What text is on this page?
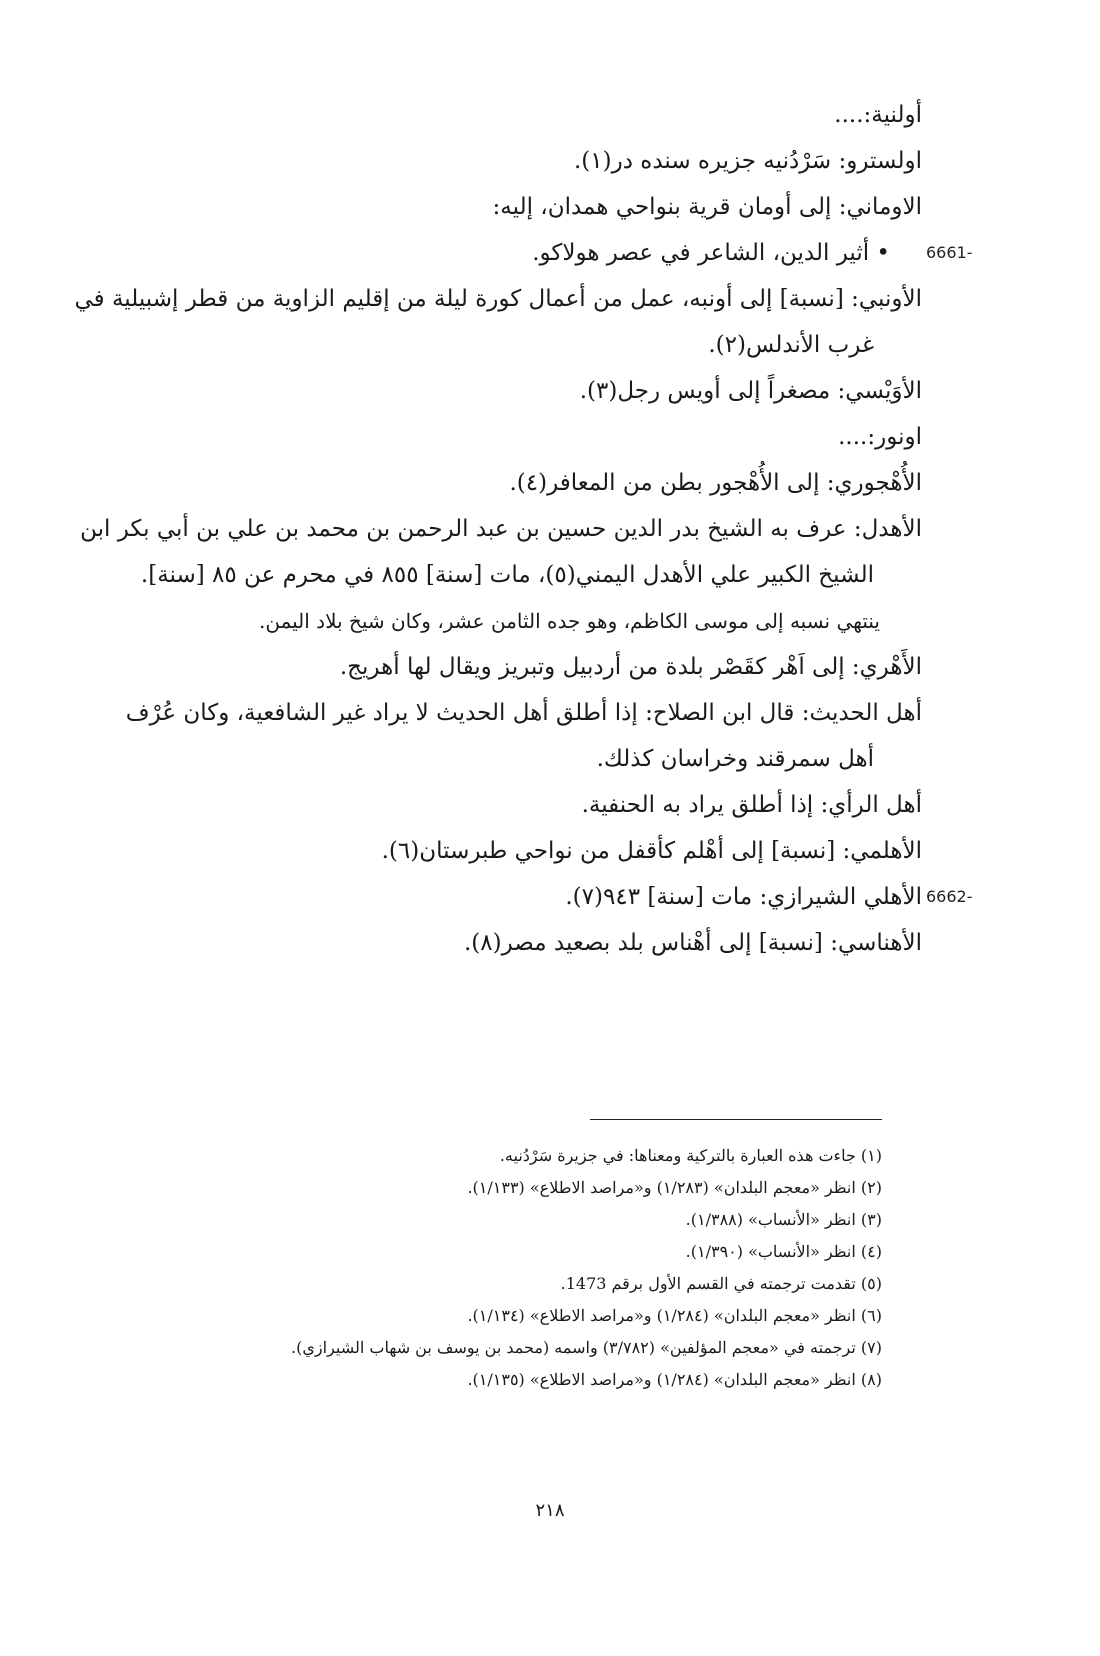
أولنية:....
اولسترو: سَرْدُنيه جزيره سنده در(١).
الاوماني: إلى أومان قرية بنواحي همدان، إليه:
6661-
• أثير الدين، الشاعر في عصر هولاكو.
الأونبي: [نسبة] إلى أونبه، عمل من أعمال كورة ليلة من إقليم الزاوية من قطر إشبيلية في
غرب الأندلس(٢).
الأوَيْسي: مصغراً إلى أويس رجل(٣).
اونور:....
الأُهْجوري: إلى الأُهْجور بطن من المعافر(٤).
الأهدل: عرف به الشيخ بدر الدين حسين بن عبد الرحمن بن محمد بن علي بن أبي بكر ابن
الشيخ الكبير علي الأهدل اليمني(٥)، مات [سنة] ٨٥٥ في محرم عن ٨٥ [سنة].
ينتهي نسبه إلى موسى الكاظم، وهو جده الثامن عشر، وكان شيخ بلاد اليمن.
الأَهْري: إلى اَهْر كقَصْر بلدة من أردبيل وتبريز ويقال لها أهريج.
أهل الحديث: قال ابن الصلاح: إذا أطلق أهل الحديث لا يراد غير الشافعية، وكان عُرْف
أهل سمرقند وخراسان كذلك.
أهل الرأي: إذا أطلق يراد به الحنفية.
الأهلمي: [نسبة] إلى أهْلم كأقفل من نواحي طبرستان(٦).
6662-
الأهلي الشيرازي: مات [سنة] ٩٤٣(٧).
الأهناسي: [نسبة] إلى أهْناس بلد بصعيد مصر(٨).
(١) جاءت هذه العبارة بالتركية ومعناها: في جزيرة سَرْدُنيه.
(٢) انظر «معجم البلدان» (١/٢٨٣) و«مراصد الاطلاع» (١/١٣٣).
(٣) انظر «الأنساب» (١/٣٨٨).
(٤) انظر «الأنساب» (١/٣٩٠).
(٥) تقدمت ترجمته في القسم الأول برقم 1473.
(٦) انظر «معجم البلدان» (١/٢٨٤) و«مراصد الاطلاع» (١/١٣٤).
(٧) ترجمته في «معجم المؤلفين» (٣/٧٨٢) واسمه (محمد بن يوسف بن شهاب الشيرازي).
(٨) انظر «معجم البلدان» (١/٢٨٤) و«مراصد الاطلاع» (١/١٣٥).
٢١٨
